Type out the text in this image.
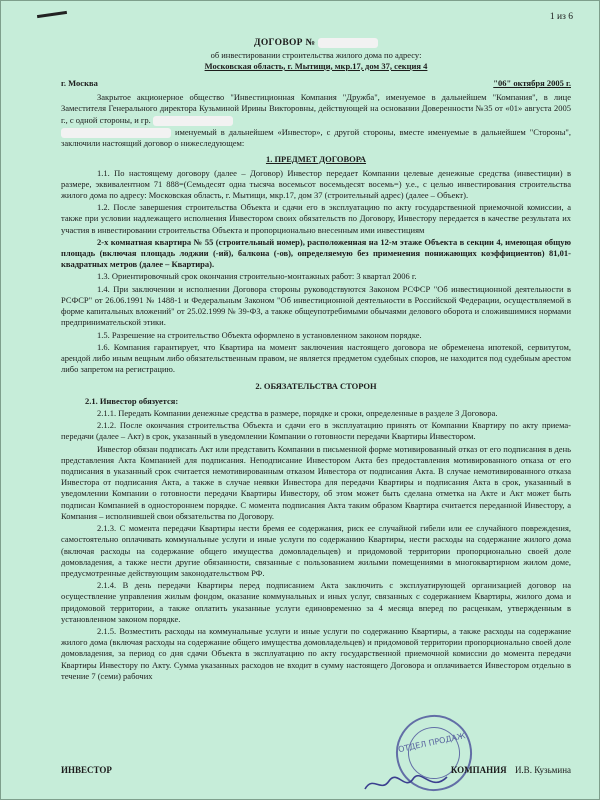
1 из 6
ДОГОВОР №
об инвестировании строительства жилого дома по адресу:
Московская область, г. Мытищи, мкр.17, дом 37, секция 4
г. Москва	"06" октября 2005 г.

Закрытое акционерное общество "Инвестиционная Компания "Дружба", именуемое в дальнейшем "Компания", в лице Заместителя Генерального директора Кузьминой Ирины Викторовны, действующей на основании Доверенности №35 от «01» августа 2005 г., с одной стороны, и гр.

именуемый в дальнейшем «Инвестор», с другой стороны, вместе именуемые в дальнейшем "Стороны", заключили настоящий договор о нижеследующем:

1. ПРЕДМЕТ ДОГОВОРА

1.1. По настоящему договору (далее – Договор) Инвестор передает Компании целевые денежные средства (инвестиции) в размере, эквивалентном 71 888=(Семьдесят одна тысяча восемьсот восемьдесят восемь=) у.е., с целью инвестирования строительства жилого дома по адресу: Московская область, г. Мытищи, мкр.17, дом 37 (строительный адрес) (далее – Объект).

1.2. После завершения строительства Объекта и сдачи его в эксплуатацию по акту государственной приемочной комиссии, а также при условии надлежащего исполнения Инвестором своих обязательств по Договору, Инвестору передается в качестве результата их участия в инвестировании строительства Объекта и пропорционально внесенным ими инвестициям

2-х комнатная квартира № 55 (строительный номер), расположенная на 12-м этаже Объекта в секции 4, имеющая общую площадь (включая площадь лоджии (-ий), балкона (-ов), определяемую без применения понижающих коэффициентов) 81,01- квадратных метров (далее – Квартира).

1.3. Ориентировочный срок окончания строительно-монтажных работ: 3 квартал 2006 г.

1.4. При заключении и исполнении Договора стороны руководствуются Законом РСФСР "Об инвестиционной деятельности в РСФСР" от 26.06.1991 № 1488-1 и Федеральным Законом "Об инвестиционной деятельности в Российской Федерации, осуществляемой в форме капитальных вложений" от 25.02.1999 № 39-ФЗ, а также общеупотребимыми обычаями делового оборота и сложившимися нормами предпринимательской этики.

1.5. Разрешение на строительство Объекта оформлено в установленном законом порядке.

1.6. Компания гарантирует, что Квартира на момент заключения настоящего договора не обременена ипотекой, сервитутом, арендой либо иным вещным либо обязательственным правом, не является предметом судебных споров, не находится под судебным арестом либо запретом на регистрацию.

2. ОБЯЗАТЕЛЬСТВА СТОРОН
2.1. Инвестор обязуется:

2.1.1. Передать Компании денежные средства в размере, порядке и сроки, определенные в разделе 3 Договора.

2.1.2. После окончания строительства Объекта и сдачи его в эксплуатацию принять от Компании Квартиру по акту приема-передачи (далее – Акт) в срок, указанный в уведомлении Компании о готовности передачи Квартиры Инвестором.

Инвестор обязан подписать Акт или представить Компании в письменной форме мотивированный отказ от его подписания в день представления Акта Компанией для подписания. Неподписание Инвестором Акта без предоставления мотивированного отказа от его подписания в указанный срок считается немотивированным отказом Инвестора от подписания Акта. В случае немотивированного отказа Инвестора от подписания Акта, а также в случае неявки Инвестора для передачи Квартиры и подписания Акта в срок, указанный в уведомлении Компании о готовности передачи Квартиры Инвестору, об этом может быть сделана отметка на Акте и Акт может быть подписан Компанией в одностороннем порядке. С момента подписания Акта таким образом Квартира считается переданной Инвестору, а Компания – исполнившей свои обязательства по Договору.

2.1.3. С момента передачи Квартиры нести бремя ее содержания, риск ее случайной гибели или ее случайного повреждения, самостоятельно оплачивать коммунальные услуги и иные услуги по содержанию Квартиры, нести расходы на содержание жилого дома (включая расходы на содержание общего имущества домовладельцев) и придомовой территории пропорционально своей доле домовладения, а также нести другие обязанности, связанные с пользованием жилыми помещениями в многоквартирном жилом доме, предусмотренные действующим законодательством РФ.

2.1.4. В день передачи Квартиры перед подписанием Акта заключить с эксплуатирующей организацией договор на осуществление управления жилым фондом, оказание коммунальных и иных услуг, связанных с содержанием Квартиры, жилого дома и придомовой территории, а также оплатить указанные услуги единовременно за 4 месяца вперед по расценкам, утвержденным в установленном законом порядке.

2.1.5. Возместить расходы на коммунальные услуги и иные услуги по содержанию Квартиры, а также расходы на содержание жилого дома (включая расходы на содержание общего имущества домовладельцев) и придомовой территории пропорционально своей доле домовладения, за период со дня сдачи Объекта в эксплуатацию по акту государственной приемочной комиссии до момента передачи Квартиры Инвестору по Акту. Сумма указанных расходов не входит в сумму настоящего Договора и оплачивается Инвестором отдельно в течение 7 (семи) рабочих

ОТДЕЛ ПРОДАЖ
ИНВЕСТОР	КОМПАНИЯ И.В. Кузьмина
